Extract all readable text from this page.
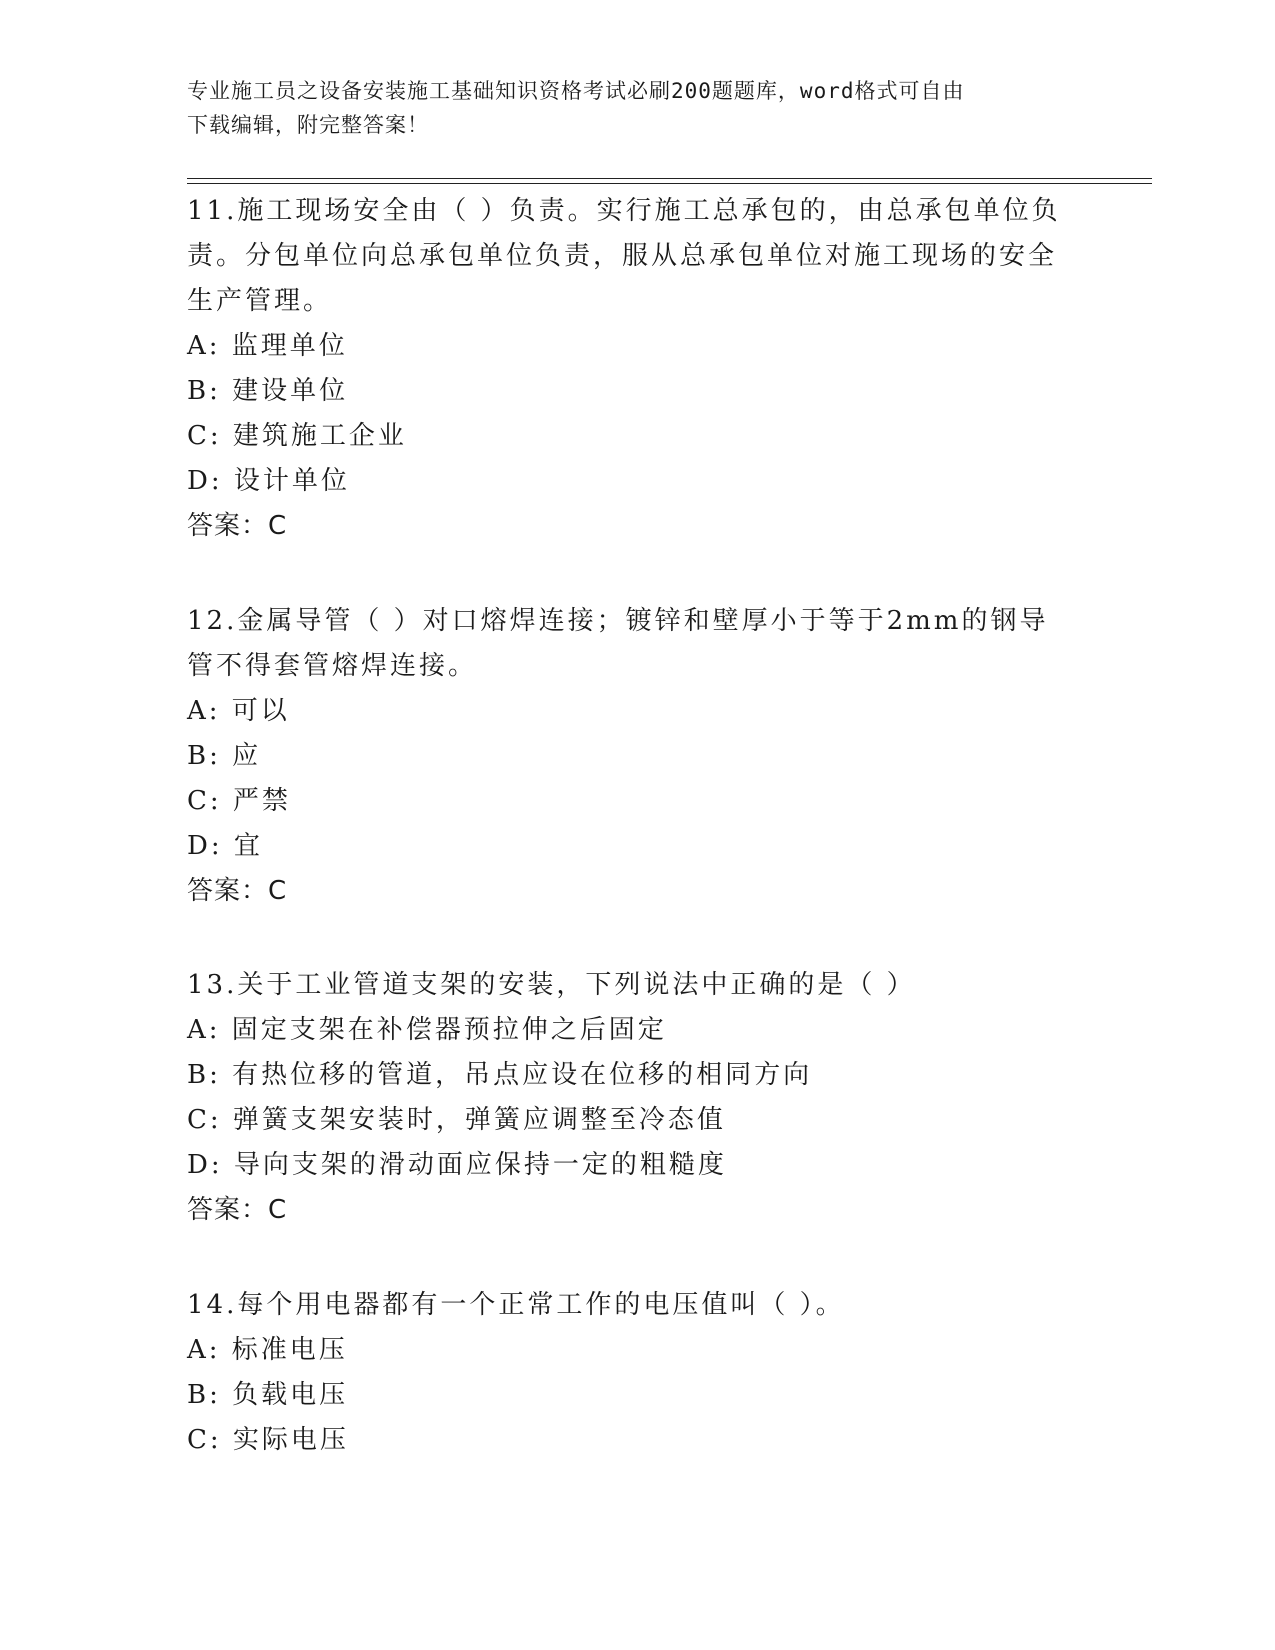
专业施工员之设备安装施工基础知识资格考试必刷200题题库，word格式可自由
下载编辑，附完整答案！
11.施工现场安全由（ ）负责。实行施工总承包的，由总承包单位负责。分包单位向总承包单位负责，服从总承包单位对施工现场的安全生产管理。
A: 监理单位
B: 建设单位
C: 建筑施工企业
D: 设计单位
答案：C
12.金属导管（ ）对口熔焊连接；镀锌和壁厚小于等于2mm的钢导管不得套管熔焊连接。
A: 可以
B: 应
C: 严禁
D: 宜
答案：C
13.关于工业管道支架的安装，下列说法中正确的是（ ）
A: 固定支架在补偿器预拉伸之后固定
B: 有热位移的管道，吊点应设在位移的相同方向
C: 弹簧支架安装时，弹簧应调整至冷态值
D: 导向支架的滑动面应保持一定的粗糙度
答案：C
14.每个用电器都有一个正常工作的电压值叫（ ）。
A: 标准电压
B: 负载电压
C: 实际电压
